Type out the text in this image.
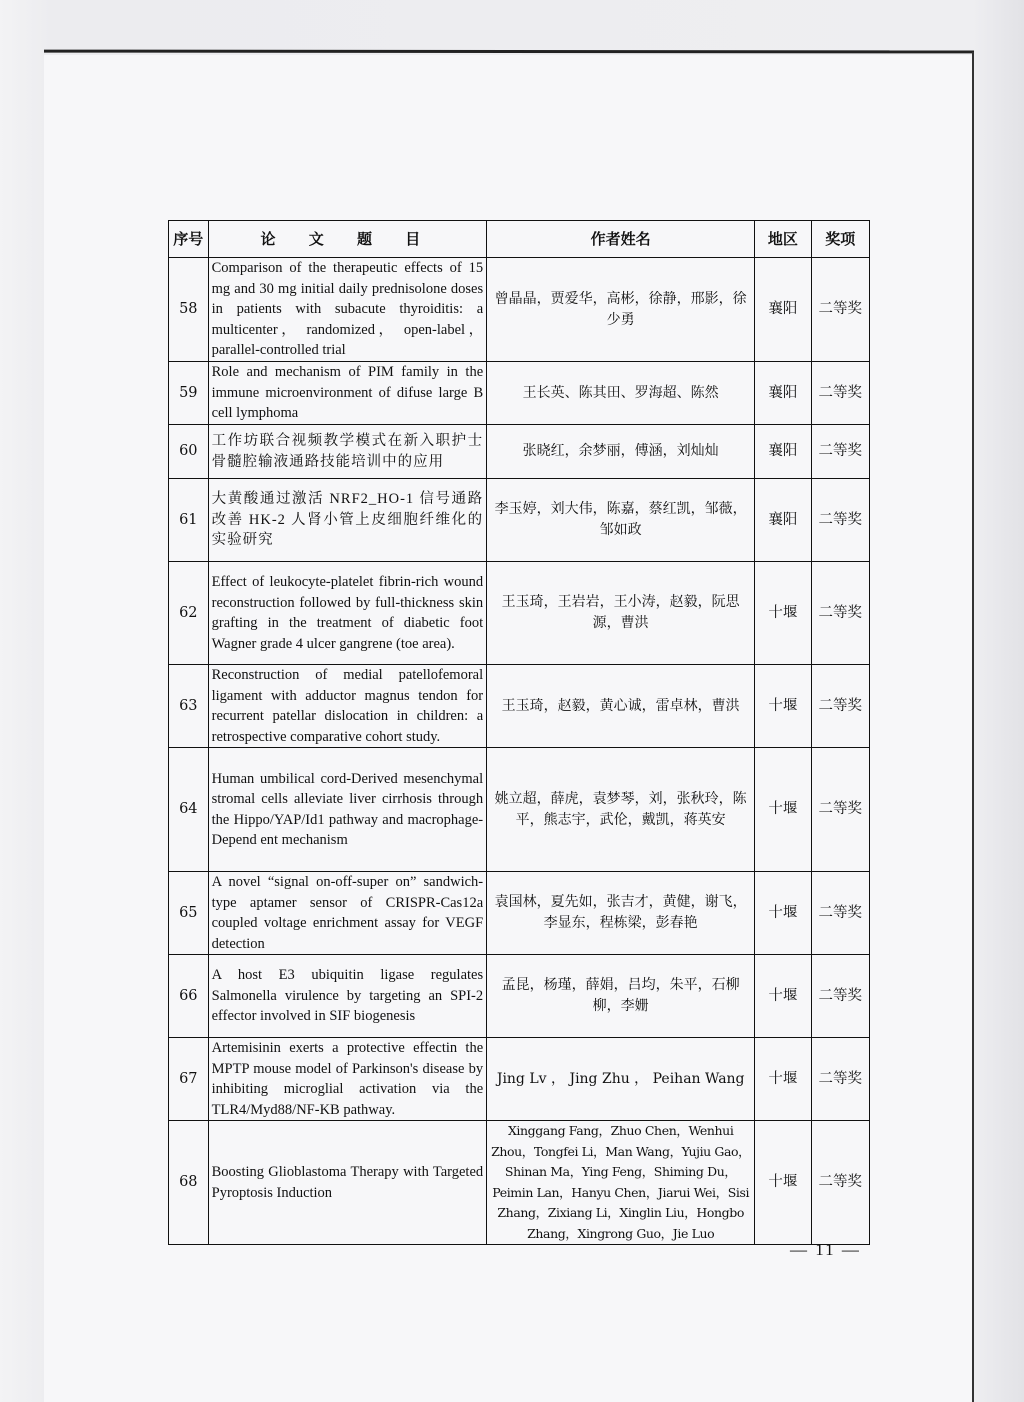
序号	论 文 题 目	作者姓名	地区	奖项
58	Comparison of the therapeutic effects of 15 mg and 30 mg initial daily prednisolone doses in patients with subacute thyroiditis: a multicenter， randomized， open-label， parallel-controlled trial	曾晶晶，贾爱华，高彬，徐静，邢影，徐少勇	襄阳	二等奖
59	Role and mechanism of PIM family in the immune microenvironment of difuse large B cell lymphoma	王长英、陈其田、罗海超、陈然	襄阳	二等奖
60	工作坊联合视频教学模式在新入职护士骨髓腔输液通路技能培训中的应用	张晓红，余梦丽，傅涵，刘灿灿	襄阳	二等奖
61	大黄酸通过激活 NRF2_HO-1 信号通路改善 HK-2 人肾小管上皮细胞纤维化的实验研究	李玉婷，刘大伟，陈嘉，蔡红凯，邹薇，邹如政	襄阳	二等奖
62	Effect of leukocyte-platelet fibrin-rich wound reconstruction followed by full-thickness skin grafting in the treatment of diabetic foot Wagner grade 4 ulcer gangrene (toe area).	王玉琦，王岩岩，王小涛，赵毅，阮思源，曹洪	十堰	二等奖
63	Reconstruction of medial patellofemoral ligament with adductor magnus tendon for recurrent patellar dislocation in children: a retrospective comparative cohort study.	王玉琦，赵毅，黄心诚，雷卓林，曹洪	十堰	二等奖
64	Human umbilical cord-Derived mesenchymal stromal cells alleviate liver cirrhosis through the Hippo/YAP/Id1 pathway and macrophage-Depend ent mechanism	姚立超，薛虎，袁梦琴，刘，张秋玲，陈平，熊志宇，武伦，戴凯，蒋英安	十堰	二等奖
65	A novel “signal on-off-super on” sandwich-type aptamer sensor of CRISPR-Cas12a coupled voltage enrichment assay for VEGF detection	袁国林，夏先如，张吉才，黄健，谢飞，李显东，程栋梁，彭春艳	十堰	二等奖
66	A host E3 ubiquitin ligase regulates Salmonella virulence by targeting an SPI-2 effector involved in SIF biogenesis	孟昆，杨瑾，薛娟，吕均，朱平，石柳柳，李姗	十堰	二等奖
67	Artemisinin exerts a protective effectin the MPTP mouse model of Parkinson's disease by inhibiting microglial activation via the TLR4/Myd88/NF-KB pathway.	Jing Lv ， Jing Zhu ， Peihan Wang	十堰	二等奖
68	Boosting Glioblastoma Therapy with Targeted Pyroptosis Induction	Xinggang Fang，Zhuo Chen，Wenhui Zhou，Tongfei Li，Man Wang，Yujiu Gao，Shinan Ma，Ying Feng，Shiming Du，Peimin Lan，Hanyu Chen，Jiarui Wei，Sisi Zhang，Zixiang Li，Xinglin Liu，Hongbo Zhang，Xingrong Guo，Jie Luo	十堰	二等奖
— 11 —
